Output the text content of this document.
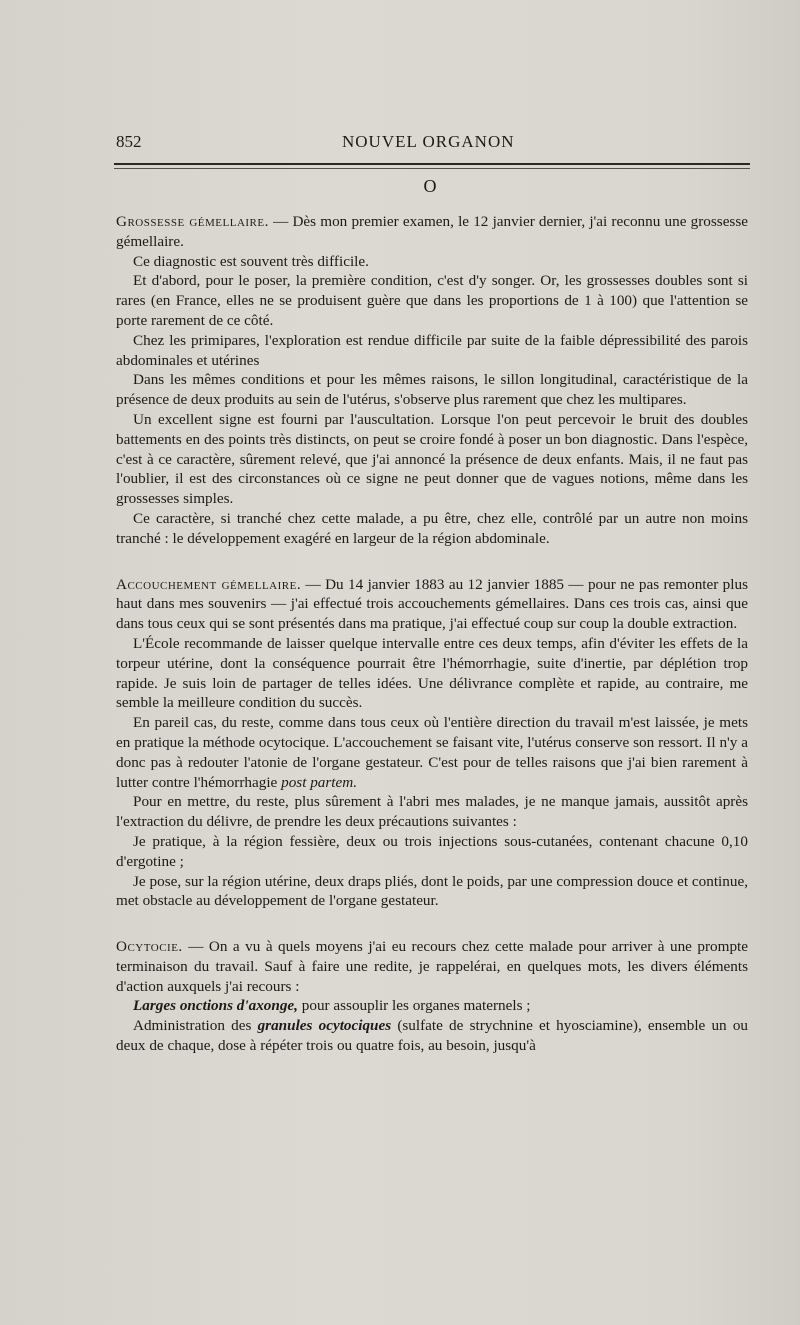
852	NOUVEL ORGANON
O

Grossesse gémellaire. — Dès mon premier examen, le 12 janvier dernier, j'ai reconnu une grossesse gémellaire.

Ce diagnostic est souvent très difficile.

Et d'abord, pour le poser, la première condition, c'est d'y songer. Or, les grossesses doubles sont si rares (en France, elles ne se produisent guère que dans les proportions de 1 à 100) que l'attention se porte rarement de ce côté.

Chez les primipares, l'exploration est rendue difficile par suite de la faible dépressibilité des parois abdominales et utérines

Dans les mêmes conditions et pour les mêmes raisons, le sillon longitudinal, caractéristique de la présence de deux produits au sein de l'utérus, s'observe plus rarement que chez les multipares.

Un excellent signe est fourni par l'auscultation. Lorsque l'on peut percevoir le bruit des doubles battements en des points très distincts, on peut se croire fondé à poser un bon diagnostic. Dans l'espèce, c'est à ce caractère, sûrement relevé, que j'ai annoncé la présence de deux enfants. Mais, il ne faut pas l'oublier, il est des circonstances où ce signe ne peut donner que de vagues notions, même dans les grossesses simples.

Ce caractère, si tranché chez cette malade, a pu être, chez elle, contrôlé par un autre non moins tranché : le développement exagéré en largeur de la région abdominale.

Accouchement gémellaire. — Du 14 janvier 1883 au 12 janvier 1885 — pour ne pas remonter plus haut dans mes souvenirs — j'ai effectué trois accouchements gémellaires. Dans ces trois cas, ainsi que dans tous ceux qui se sont présentés dans ma pratique, j'ai effectué coup sur coup la double extraction.

L'École recommande de laisser quelque intervalle entre ces deux temps, afin d'éviter les effets de la torpeur utérine, dont la conséquence pourrait être l'hémorrhagie, suite d'inertie, par déplétion trop rapide. Je suis loin de partager de telles idées. Une délivrance complète et rapide, au contraire, me semble la meilleure condition du succès.

En pareil cas, du reste, comme dans tous ceux où l'entière direction du travail m'est laissée, je mets en pratique la méthode ocytocique. L'accouchement se faisant vite, l'utérus conserve son ressort. Il n'y a donc pas à redouter l'atonie de l'organe gestateur. C'est pour de telles raisons que j'ai bien rarement à lutter contre l'hémorrhagie post partem.

Pour en mettre, du reste, plus sûrement à l'abri mes malades, je ne manque jamais, aussitôt après l'extraction du délivre, de prendre les deux précautions suivantes :

Je pratique, à la région fessière, deux ou trois injections sous-cutanées, contenant chacune 0,10 d'ergotine ;

Je pose, sur la région utérine, deux draps pliés, dont le poids, par une compression douce et continue, met obstacle au développement de l'organe gestateur.

Ocytocie. — On a vu à quels moyens j'ai eu recours chez cette malade pour arriver à une prompte terminaison du travail. Sauf à faire une redite, je rappelérai, en quelques mots, les divers éléments d'action auxquels j'ai recours :

Larges onctions d'axonge, pour assouplir les organes maternels ;

Administration des granules ocytociques (sulfate de strychnine et hyosciamine), ensemble un ou deux de chaque, dose à répéter trois ou quatre fois, au besoin, jusqu'à
